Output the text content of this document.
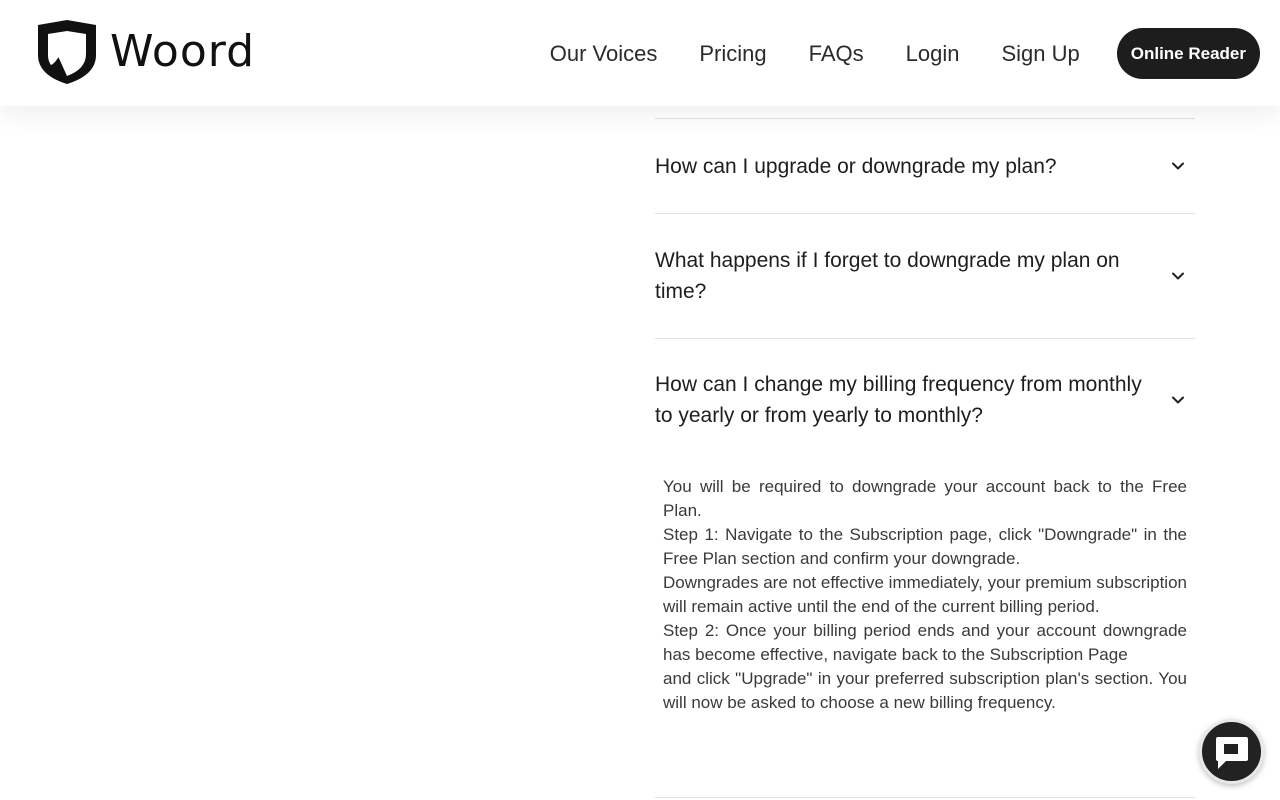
Woord	Our Voices Pricing FAQs Login Sign Up	Online Reader
How can I upgrade or downgrade my plan?
What happens if I forget to downgrade my plan on time?
How can I change my billing frequency from monthly to yearly or from yearly to monthly?

You will be required to downgrade your account back to the Free Plan.

Step 1: Navigate to the Subscription page, click "Downgrade" in the Free Plan section and confirm your downgrade.

Downgrades are not effective immediately, your premium subscription will remain active until the end of the current billing period.

Step 2: Once your billing period ends and your account downgrade has become effective, navigate back to the Subscription Page

and click "Upgrade" in your preferred subscription plan's section. You will now be asked to choose a new billing frequency.
